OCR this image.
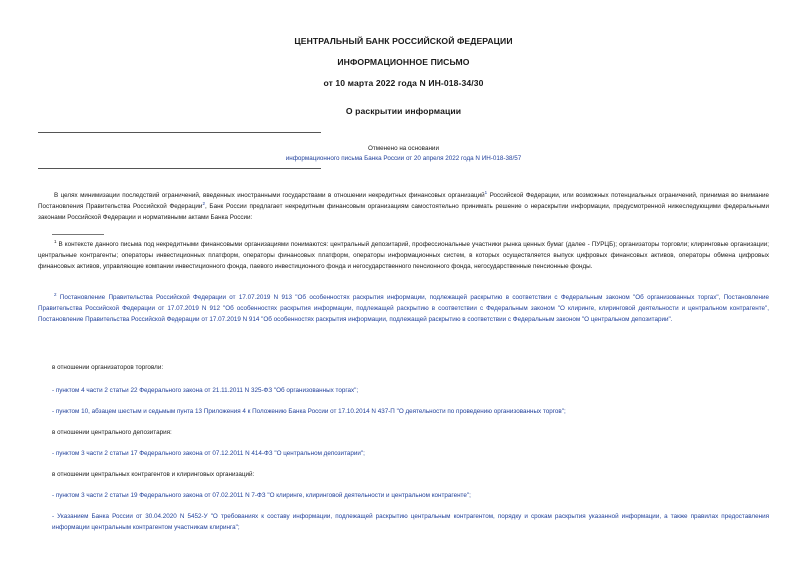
ЦЕНТРАЛЬНЫЙ БАНК РОССИЙСКОЙ ФЕДЕРАЦИИ
ИНФОРМАЦИОННОЕ ПИСЬМО
от 10 марта 2022 года N ИН-018-34/30
О раскрытии информации
Отменено на основании
информационного письма Банка России от 20 апреля 2022 года N ИН-018-38/57

В целях минимизации последствий ограничений, введенных иностранными государствами в отношении некредитных финансовых организаций$^1$ Российской Федерации, или возможных потенциальных ограничений, принимая во внимание Постановления Правительства Российской Федерации$^2$, Банк России предлагает некредитным финансовым организациям самостоятельно принимать решение о нераскрытии информации, предусмотренной нижеследующими федеральными законами Российской Федерации и нормативными актами Банка России:

$^1$ В контексте данного письма под некредитными финансовыми организациями понимаются: центральный депозитарий, профессиональные участники рынка ценных бумаг (далее - ПУРЦБ); организаторы торговли; клиринговые организации; центральные контрагенты; операторы инвестиционных платформ, операторы финансовых платформ, операторы информационных систем, в которых осуществляется выпуск цифровых финансовых активов, операторы обмена цифровых финансовых активов, управляющие компании инвестиционного фонда, паевого инвестиционного фонда и негосударственного пенсионного фонда, негосударственные пенсионные фонды.

$^2$ Постановление Правительства Российской Федерации от 17.07.2019 N 913 "Об особенностях раскрытия информации, подлежащей раскрытию в соответствии с Федеральным законом "Об организованных торгах", Постановление Правительства Российской Федерации от 17.07.2019 N 912 "Об особенностях раскрытия информации, подлежащей раскрытию в соответствии с Федеральным законом "О клиринге, клиринговой деятельности и центральном контрагенте", Постановление Правительства Российской Федерации от 17.07.2019 N 914 "Об особенностях раскрытия информации, подлежащей раскрытию в соответствии с Федеральным законом "О центральном депозитарии".

в отношении организаторов торговли:
- пунктом 4 части 2 статьи 22 Федерального закона от 21.11.2011 N 325-ФЗ "Об организованных торгах";
- пунктом 10, абзацем шестым и седьмым пунта 13 Приложения 4 к Положению Банка России от 17.10.2014 N 437-П "О деятельности по проведению организованных торгов";
в отношении центрального депозитария:
- пунктом 3 части 2 статьи 17 Федерального закона от 07.12.2011 N 414-ФЗ "О центральном депозитарии";
в отношении центральных контрагентов и клиринговых организаций:
- пунктом 3 части 2 статьи 19 Федерального закона от 07.02.2011 N 7-ФЗ "О клиринге, клиринговой деятельности и центральном контрагенте";

- Указанием Банка России от 30.04.2020 N 5452-У "О требованиях к составу информации, подлежащей раскрытию центральным контрагентом, порядку и срокам раскрытия указанной информации, а также правилах предоставления информации центральным контрагентом участникам клиринга";
